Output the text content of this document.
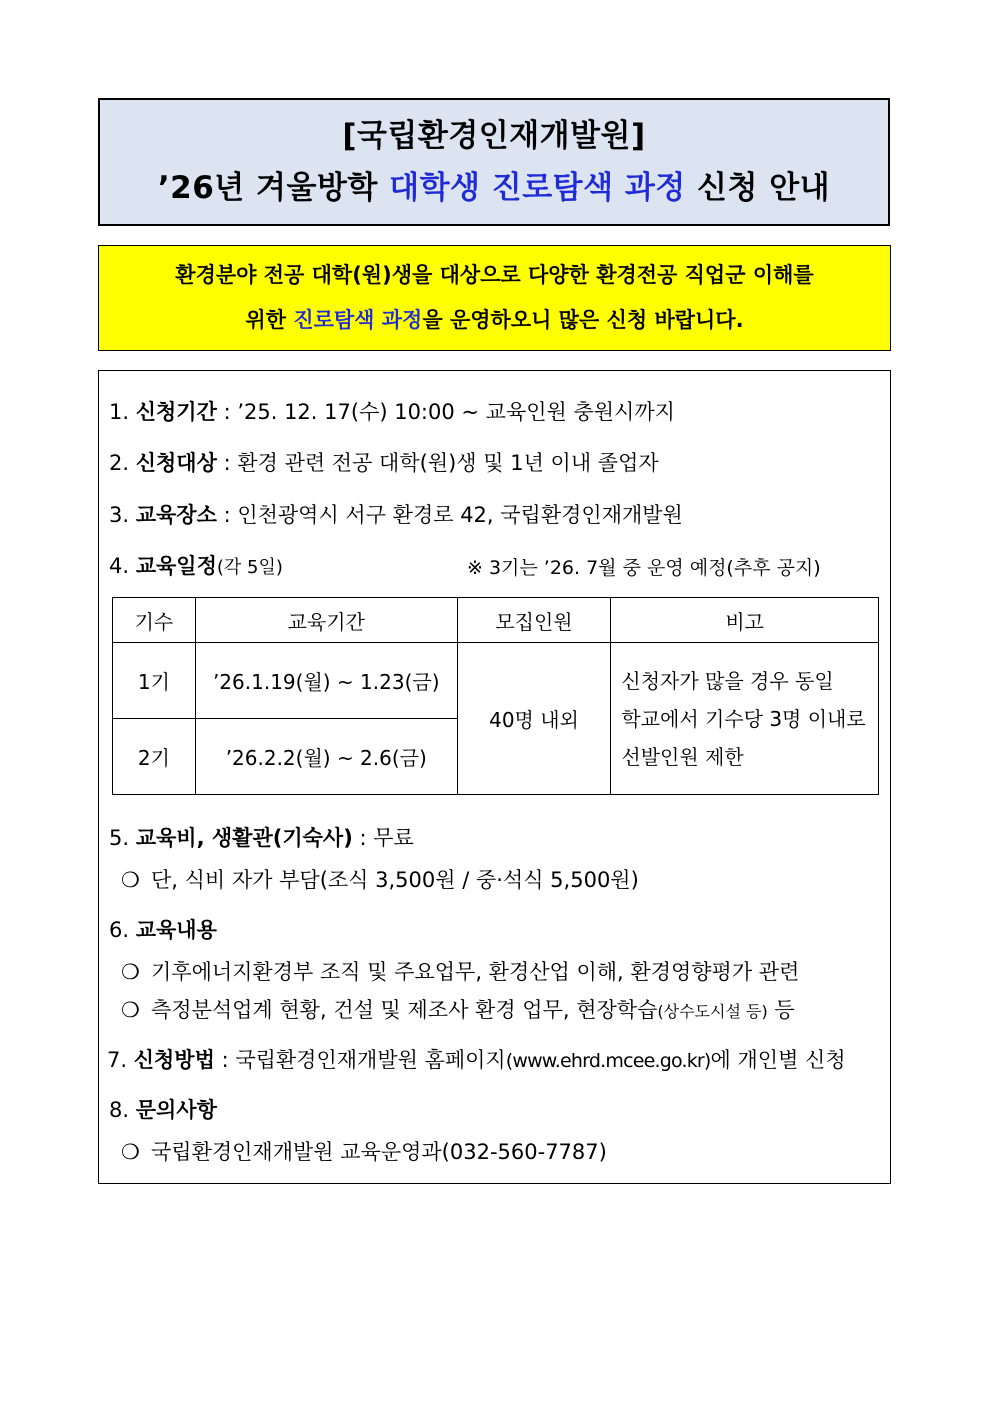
[국립환경인재개발원]
’26년 겨울방학 대학생 진로탐색 과정 신청 안내
환경분야 전공 대학(원)생을 대상으로 다양한 환경전공 직업군 이해를
위한 진로탐색 과정을 운영하오니 많은 신청 바랍니다.
1. 신청기간 : ’25. 12. 17(수) 10:00 ~ 교육인원 충원시까지
2. 신청대상 : 환경 관련 전공 대학(원)생 및 1년 이내 졸업자
3. 교육장소 : 인천광역시 서구 환경로 42, 국립환경인재개발원
4. 교육일정(각 5일)	※ 3기는 ’26. 7월 중 운영 예정(추후 공지)
기수	교육기간	모집인원	비고
1기	’26.1.19(월) ~ 1.23(금)	40명 내외	신청자가 많을 경우 동일
학교에서 기수당 3명 이내로
선발인원 제한

2기	’26.2.2(월) ~ 2.6(금)		
5. 교육비, 생활관(기숙사) : 무료
❍ 단, 식비 자가 부담(조식 3,500원 / 중·석식 5,500원)
6. 교육내용
❍ 기후에너지환경부 조직 및 주요업무, 환경산업 이해, 환경영향평가 관련
❍ 측정분석업계 현황, 건설 및 제조사 환경 업무, 현장학습(상수도시설 등) 등
7. 신청방법 : 국립환경인재개발원 홈페이지(www.ehrd.mcee.go.kr)에 개인별 신청
8. 문의사항
❍ 국립환경인재개발원 교육운영과(032-560-7787)
